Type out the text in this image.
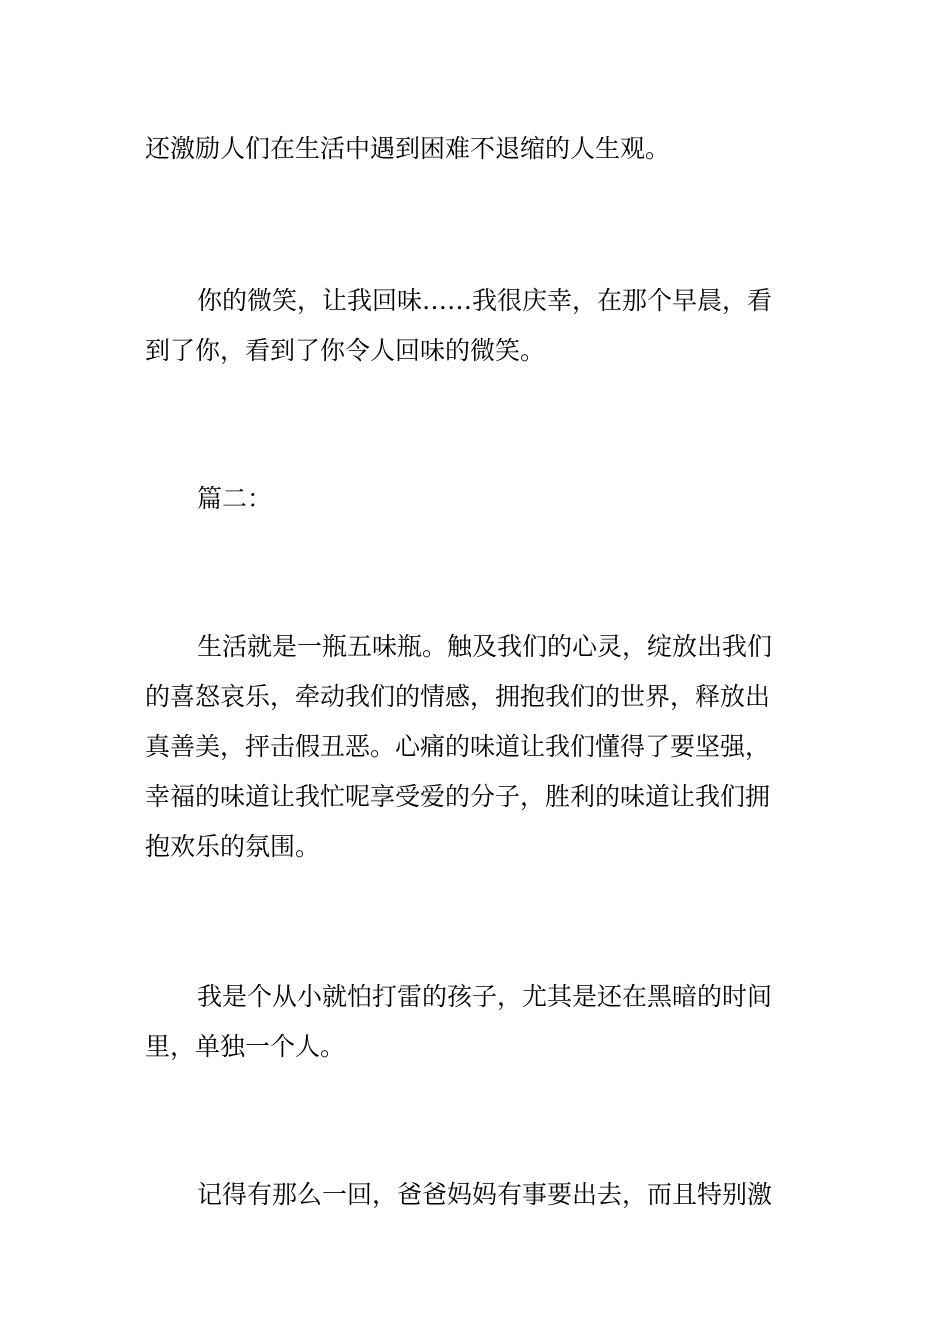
还激励人们在生活中遇到困难不退缩的人生观。
你的微笑，让我回味……我很庆幸，在那个早晨，看
到了你，看到了你令人回味的微笑。
篇二：
生活就是一瓶五味瓶。触及我们的心灵，绽放出我们
的喜怒哀乐，牵动我们的情感，拥抱我们的世界，释放出
真善美，抨击假丑恶。心痛的味道让我们懂得了要坚强，
幸福的味道让我忙呢享受爱的分子，胜利的味道让我们拥
抱欢乐的氛围。
我是个从小就怕打雷的孩子，尤其是还在黑暗的时间
里，单独一个人。
记得有那么一回，爸爸妈妈有事要出去，而且特别激
